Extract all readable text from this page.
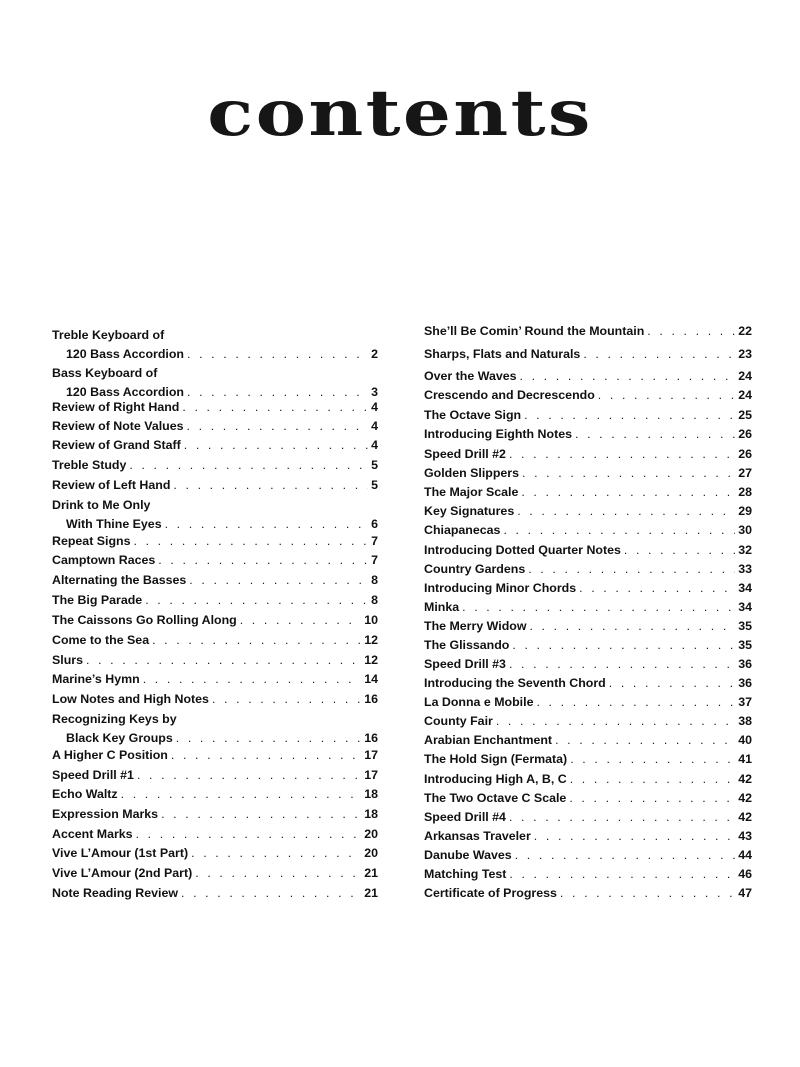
contents
Treble Keyboard of
120 Bass Accordion . . .	2
Bass Keyboard of
120 Bass Accordion . . .	3
Review of Right Hand . . .	4
Review of Note Values . . .	4
Review of Grand Staff . . .	4
Treble Study . . .	5
Review of Left Hand . . .	5
Drink to Me Only
With Thine Eyes . . .	6
Repeat Signs . . .	7
Camptown Races . . .	7
Alternating the Basses . . .	8
The Big Parade . . .	8
The Caissons Go Rolling Along . . .	10
Come to the Sea . . .	12
Slurs . . .	12
Marine’s Hymn . . .	14
Low Notes and High Notes . . .	16
Recognizing Keys by
Black Key Groups . . .	16
A Higher C Position . . .	17
Speed Drill #1 . . .	17
Echo Waltz . . .	18
Expression Marks . . .	18
Accent Marks . . .	20
Vive L’Amour (1st Part) . . .	20
Vive L’Amour (2nd Part) . . .	21
Note Reading Review . . .	21
She’ll Be Comin’ Round the Mountain . . .	22
Sharps, Flats and Naturals . . .	23
Over the Waves . . .	24
Crescendo and Decrescendo . . .	24
The Octave Sign . . .	25
Introducing Eighth Notes . . .	26
Speed Drill #2 . . .	26
Golden Slippers . . .	27
The Major Scale . . .	28
Key Signatures . . .	29
Chiapanecas . . .	30
Introducing Dotted Quarter Notes . . .	32
Country Gardens . . .	33
Introducing Minor Chords . . .	34
Minka . . .	34
The Merry Widow . . .	35
The Glissando . . .	35
Speed Drill #3 . . .	36
Introducing the Seventh Chord . . .	36
La Donna e Mobile . . .	37
County Fair . . .	38
Arabian Enchantment . . .	40
The Hold Sign (Fermata) . . .	41
Introducing High A, B, C . . .	42
The Two Octave C Scale . . .	42
Speed Drill #4 . . .	42
Arkansas Traveler . . .	43
Danube Waves . . .	44
Matching Test . . .	46
Certificate of Progress . . .	47
